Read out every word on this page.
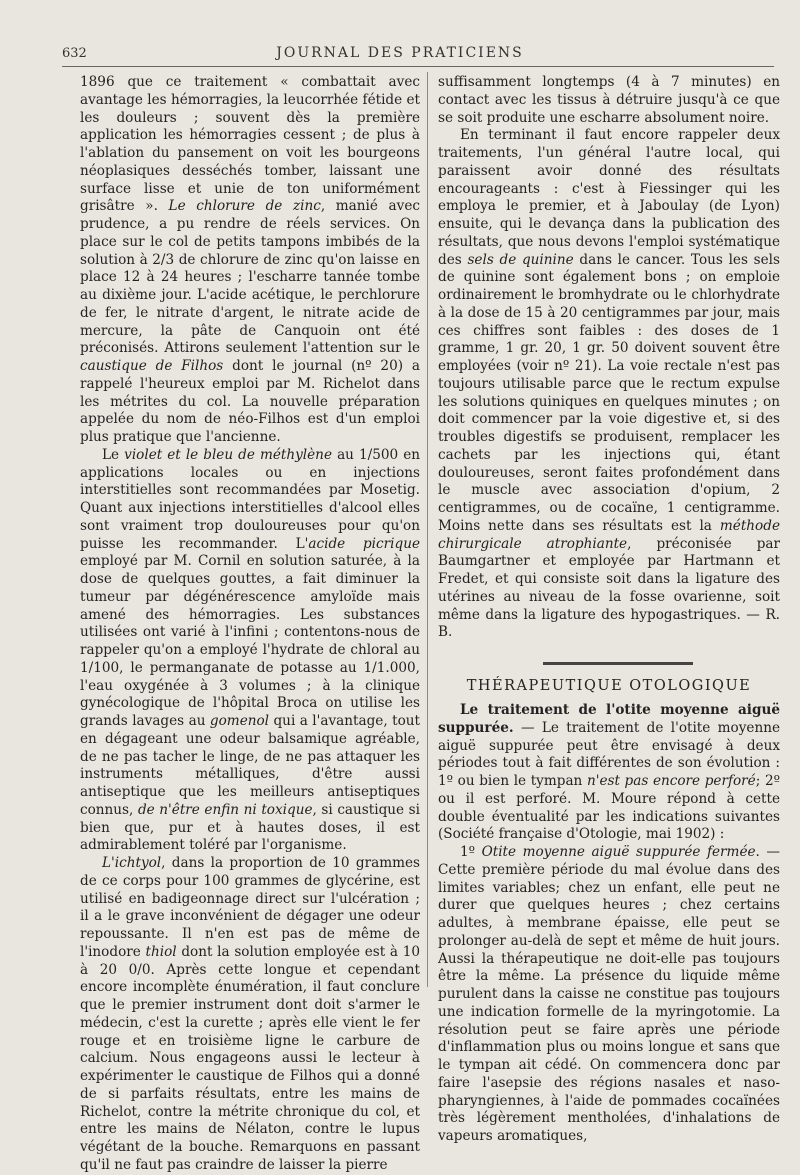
632	JOURNAL DES PRATICIENS

1896 que ce traitement « combattait avec avantage les hémorragies, la leucorrhée fétide et les douleurs ; souvent dès la première application les hémorragies cessent ; de plus à l'ablation du pansement on voit les bourgeons néoplasiques desséchés tomber, laissant une surface lisse et unie de ton uniformément grisâtre ». Le chlorure de zinc, manié avec prudence, a pu rendre de réels services. On place sur le col de petits tampons imbibés de la solution à 2/3 de chlorure de zinc qu'on laisse en place 12 à 24 heures ; l'escharre tannée tombe au dixième jour. L'acide acétique, le perchlorure de fer, le nitrate d'argent, le nitrate acide de mercure, la pâte de Canquoin ont été préconisés. Attirons seulement l'attention sur le caustique de Filhos dont le journal (nº 20) a rappelé l'heureux emploi par M. Richelot dans les métrites du col. La nouvelle préparation appelée du nom de néo-Filhos est d'un emploi plus pratique que l'ancienne.

Le violet et le bleu de méthylène au 1/500 en applications locales ou en injections interstitielles sont recommandées par Mosetig. Quant aux injections interstitielles d'alcool elles sont vraiment trop douloureuses pour qu'on puisse les recommander. L'acide picrique employé par M. Cornil en solution saturée, à la dose de quelques gouttes, a fait diminuer la tumeur par dégénérescence amyloïde mais amené des hémorragies. Les substances utilisées ont varié à l'infini ; contentons-nous de rappeler qu'on a employé l'hydrate de chloral au 1/100, le permanganate de potasse au 1/1.000, l'eau oxygénée à 3 volumes ; à la clinique gynécologique de l'hôpital Broca on utilise les grands lavages au gomenol qui a l'avantage, tout en dégageant une odeur balsamique agréable, de ne pas tacher le linge, de ne pas attaquer les instruments métalliques, d'être aussi antiseptique que les meilleurs antiseptiques connus, de n'être enfin ni toxique, si caustique si bien que, pur et à hautes doses, il est admirablement toléré par l'organisme.

L'ichtyol, dans la proportion de 10 grammes de ce corps pour 100 grammes de glycérine, est utilisé en badigeonnage direct sur l'ulcération ; il a le grave inconvénient de dégager une odeur repoussante. Il n'en est pas de même de l'inodore thiol dont la solution employée est à 10 à 20 0/0. Après cette longue et cependant encore incomplète énumération, il faut conclure que le premier instrument dont doit s'armer le médecin, c'est la curette ; après elle vient le fer rouge et en troisième ligne le carbure de calcium. Nous engageons aussi le lecteur à expérimenter le caustique de Filhos qui a donné de si parfaits résultats, entre les mains de Richelot, contre la métrite chronique du col, et entre les mains de Nélaton, contre le lupus végétant de la bouche. Remarquons en passant qu'il ne faut pas craindre de laisser la pierre

suffisamment longtemps (4 à 7 minutes) en contact avec les tissus à détruire jusqu'à ce que se soit produite une escharre absolument noire.

En terminant il faut encore rappeler deux traitements, l'un général l'autre local, qui paraissent avoir donné des résultats encourageants : c'est à Fiessinger qui les employa le premier, et à Jaboulay (de Lyon) ensuite, qui le devança dans la publication des résultats, que nous devons l'emploi systématique des sels de quinine dans le cancer. Tous les sels de quinine sont également bons ; on emploie ordinairement le bromhydrate ou le chlorhydrate à la dose de 15 à 20 centigrammes par jour, mais ces chiffres sont faibles : des doses de 1 gramme, 1 gr. 20, 1 gr. 50 doivent souvent être employées (voir nº 21). La voie rectale n'est pas toujours utilisable parce que le rectum expulse les solutions quiniques en quelques minutes ; on doit commencer par la voie digestive et, si des troubles digestifs se produisent, remplacer les cachets par les injections qui, étant douloureuses, seront faites profondément dans le muscle avec association d'opium, 2 centigrammes, ou de cocaïne, 1 centigramme. Moins nette dans ses résultats est la méthode chirurgicale atrophiante, préconisée par Baumgartner et employée par Hartmann et Fredet, et qui consiste soit dans la ligature des utérines au niveau de la fosse ovarienne, soit même dans la ligature des hypogastriques. — R. B.

THÉRAPEUTIQUE OTOLOGIQUE

Le traitement de l'otite moyenne aiguë suppurée. — Le traitement de l'otite moyenne aiguë suppurée peut être envisagé à deux périodes tout à fait différentes de son évolution : 1º ou bien le tympan n'est pas encore perforé; 2º ou il est perforé. M. Moure répond à cette double éventualité par les indications suivantes (Société française d'Otologie, mai 1902) :

1º Otite moyenne aiguë suppurée fermée. — Cette première période du mal évolue dans des limites variables; chez un enfant, elle peut ne durer que quelques heures ; chez certains adultes, à membrane épaisse, elle peut se prolonger au-delà de sept et même de huit jours. Aussi la thérapeutique ne doit-elle pas toujours être la même. La présence du liquide même purulent dans la caisse ne constitue pas toujours une indication formelle de la myringotomie. La résolution peut se faire après une période d'inflammation plus ou moins longue et sans que le tympan ait cédé. On commencera donc par faire l'asepsie des régions nasales et naso-pharyngiennes, à l'aide de pommades cocaïnées très légèrement mentholées, d'inhalations de vapeurs aromatiques,
